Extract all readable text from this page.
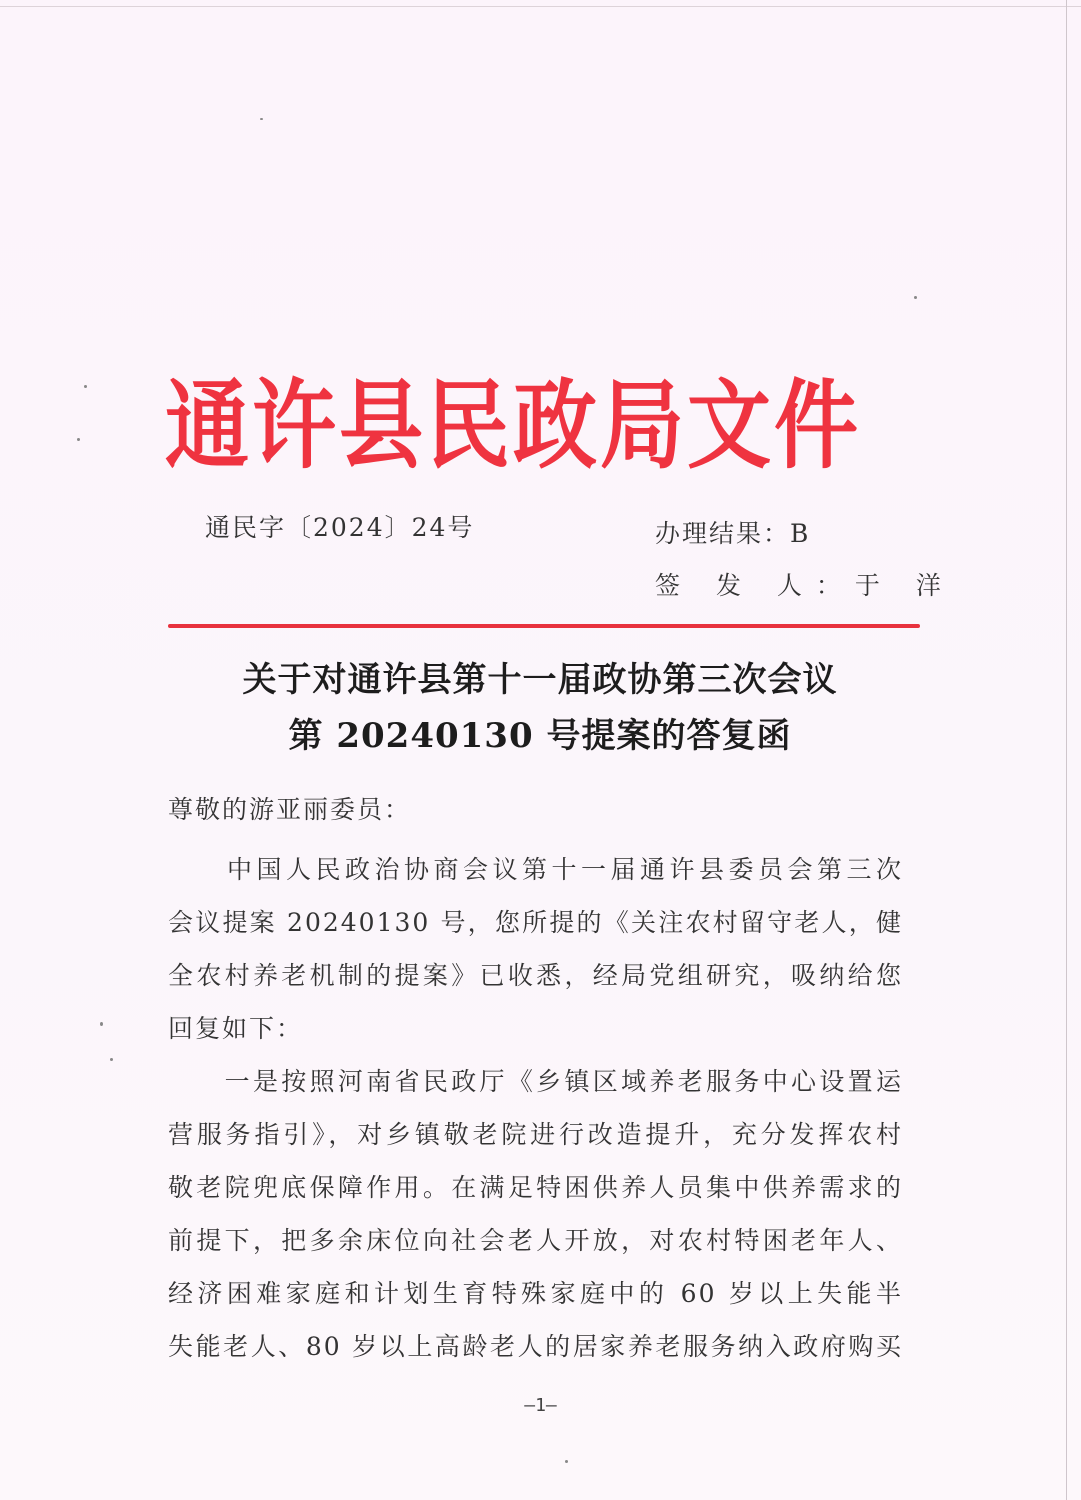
通许县民政局文件
通民字〔2024〕24号	办理结果：B
签 发 人：于 洋
关于对通许县第十一届政协第三次会议
第 20240130 号提案的答复函
尊敬的游亚丽委员：
　　中国人民政治协商会议第十一届通许县委员会第三次
会议提案 20240130 号，您所提的《关注农村留守老人，健
全农村养老机制的提案》已收悉，经局党组研究，吸纳给您
回复如下：
　　一是按照河南省民政厅《乡镇区域养老服务中心设置运
营服务指引》，对乡镇敬老院进行改造提升，充分发挥农村
敬老院兜底保障作用。在满足特困供养人员集中供养需求的
前提下，把多余床位向社会老人开放，对农村特困老年人、
经济困难家庭和计划生育特殊家庭中的 60 岁以上失能半
失能老人、80 岁以上高龄老人的居家养老服务纳入政府购买
—1—
